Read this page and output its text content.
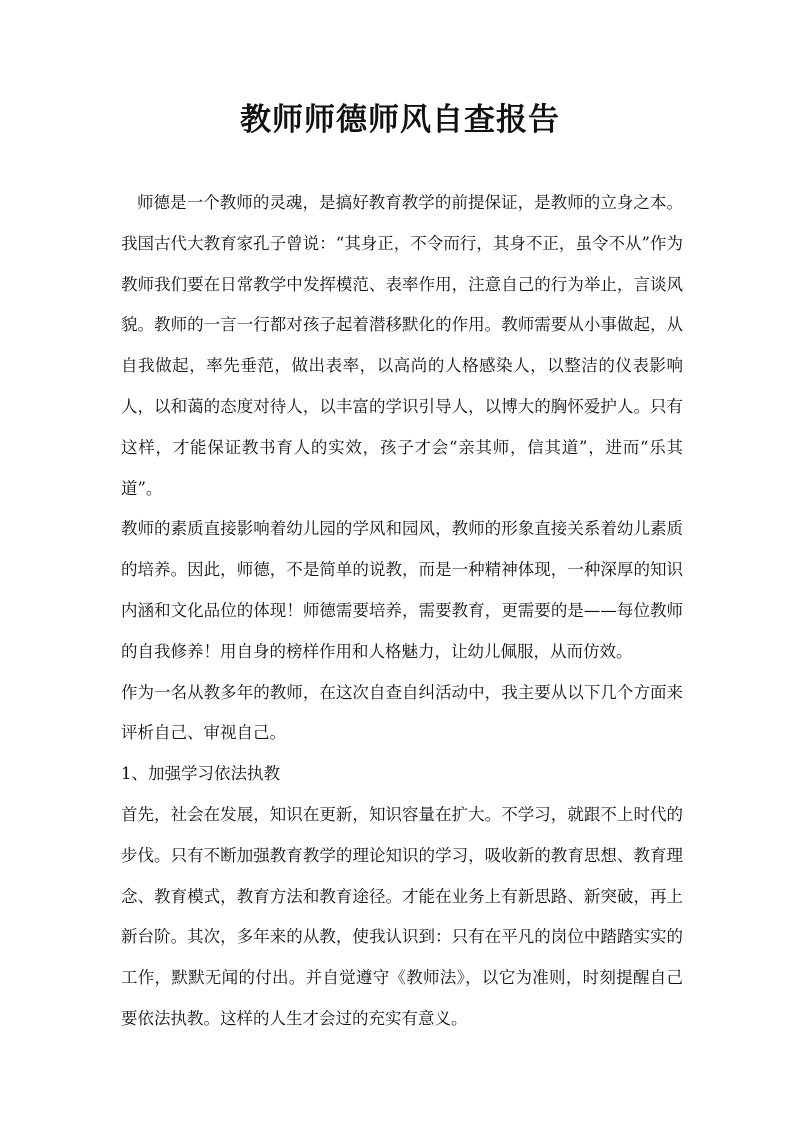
教师师德师风自查报告

师德是一个教师的灵魂，是搞好教育教学的前提保证，是教师的立身之本。我国古代大教育家孔子曾说：“其身正，不令而行，其身不正，虽令不从”作为教师我们要在日常教学中发挥模范、表率作用，注意自己的行为举止，言谈风貌。教师的一言一行都对孩子起着潜移默化的作用。教师需要从小事做起，从自我做起，率先垂范，做出表率，以高尚的人格感染人，以整洁的仪表影响人，以和蔼的态度对待人，以丰富的学识引导人，以博大的胸怀爱护人。只有这样，才能保证教书育人的实效，孩子才会“亲其师，信其道”，进而“乐其道”。

教师的素质直接影响着幼儿园的学风和园风，教师的形象直接关系着幼儿素质的培养。因此，师德，不是简单的说教，而是一种精神体现，一种深厚的知识内涵和文化品位的体现！师德需要培养，需要教育，更需要的是——每位教师的自我修养！用自身的榜样作用和人格魅力，让幼儿佩服，从而仿效。

作为一名从教多年的教师，在这次自查自纠活动中，我主要从以下几个方面来评析自己、审视自己。

1、加强学习依法执教

首先，社会在发展，知识在更新，知识容量在扩大。不学习，就跟不上时代的步伐。只有不断加强教育教学的理论知识的学习，吸收新的教育思想、教育理念、教育模式，教育方法和教育途径。才能在业务上有新思路、新突破，再上新台阶。其次，多年来的从教，使我认识到：只有在平凡的岗位中踏踏实实的工作，默默无闻的付出。并自觉遵守《教师法》，以它为准则，时刻提醒自己要依法执教。这样的人生才会过的充实有意义。
